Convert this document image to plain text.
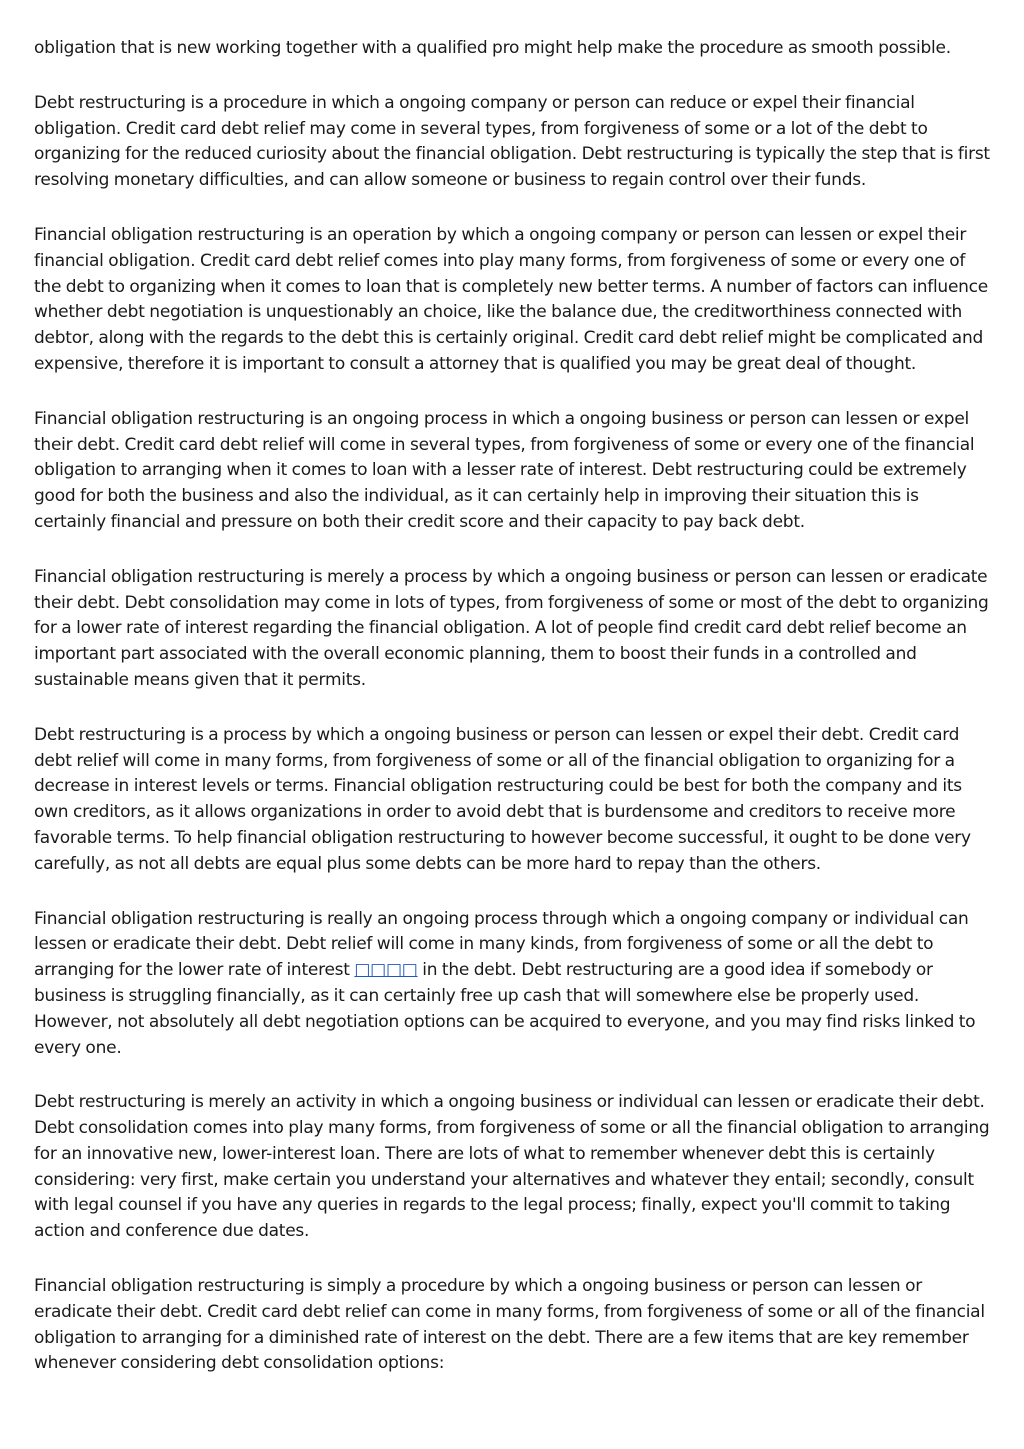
obligation that is new working together with a qualified pro might help make the procedure as smooth possible.

Debt restructuring is a procedure in which a ongoing company or person can reduce or expel their financial obligation. Credit card debt relief may come in several types, from forgiveness of some or a lot of the debt to organizing for the reduced curiosity about the financial obligation. Debt restructuring is typically the step that is first resolving monetary difficulties, and can allow someone or business to regain control over their funds.

Financial obligation restructuring is an operation by which a ongoing company or person can lessen or expel their financial obligation. Credit card debt relief comes into play many forms, from forgiveness of some or every one of the debt to organizing when it comes to loan that is completely new better terms. A number of factors can influence whether debt negotiation is unquestionably an choice, like the balance due, the creditworthiness connected with debtor, along with the regards to the debt this is certainly original. Credit card debt relief might be complicated and expensive, therefore it is important to consult a attorney that is qualified you may be great deal of thought.

Financial obligation restructuring is an ongoing process in which a ongoing business or person can lessen or expel their debt. Credit card debt relief will come in several types, from forgiveness of some or every one of the financial obligation to arranging when it comes to loan with a lesser rate of interest. Debt restructuring could be extremely good for both the business and also the individual, as it can certainly help in improving their situation this is certainly financial and pressure on both their credit score and their capacity to pay back debt.

Financial obligation restructuring is merely a process by which a ongoing business or person can lessen or eradicate their debt. Debt consolidation may come in lots of types, from forgiveness of some or most of the debt to organizing for a lower rate of interest regarding the financial obligation. A lot of people find credit card debt relief become an important part associated with the overall economic planning, them to boost their funds in a controlled and sustainable means given that it permits.

Debt restructuring is a process by which a ongoing business or person can lessen or expel their debt. Credit card debt relief will come in many forms, from forgiveness of some or all of the financial obligation to organizing for a decrease in interest levels or terms. Financial obligation restructuring could be best for both the company and its own creditors, as it allows organizations in order to avoid debt that is burdensome and creditors to receive more favorable terms. To help financial obligation restructuring to however become successful, it ought to be done very carefully, as not all debts are equal plus some debts can be more hard to repay than the others.

Financial obligation restructuring is really an ongoing process through which a ongoing company or individual can lessen or eradicate their debt. Debt relief will come in many kinds, from forgiveness of some or all the debt to arranging for the lower rate of interest □□□□ in the debt. Debt restructuring are a good idea if somebody or business is struggling financially, as it can certainly free up cash that will somewhere else be properly used. However, not absolutely all debt negotiation options can be acquired to everyone, and you may find risks linked to every one.

Debt restructuring is merely an activity in which a ongoing business or individual can lessen or eradicate their debt. Debt consolidation comes into play many forms, from forgiveness of some or all the financial obligation to arranging for an innovative new, lower-interest loan. There are lots of what to remember whenever debt this is certainly considering: very first, make certain you understand your alternatives and whatever they entail; secondly, consult with legal counsel if you have any queries in regards to the legal process; finally, expect you'll commit to taking action and conference due dates.

Financial obligation restructuring is simply a procedure by which a ongoing business or person can lessen or eradicate their debt. Credit card debt relief can come in many forms, from forgiveness of some or all of the financial obligation to arranging for a diminished rate of interest on the debt. There are a few items that are key remember whenever considering debt consolidation options:
